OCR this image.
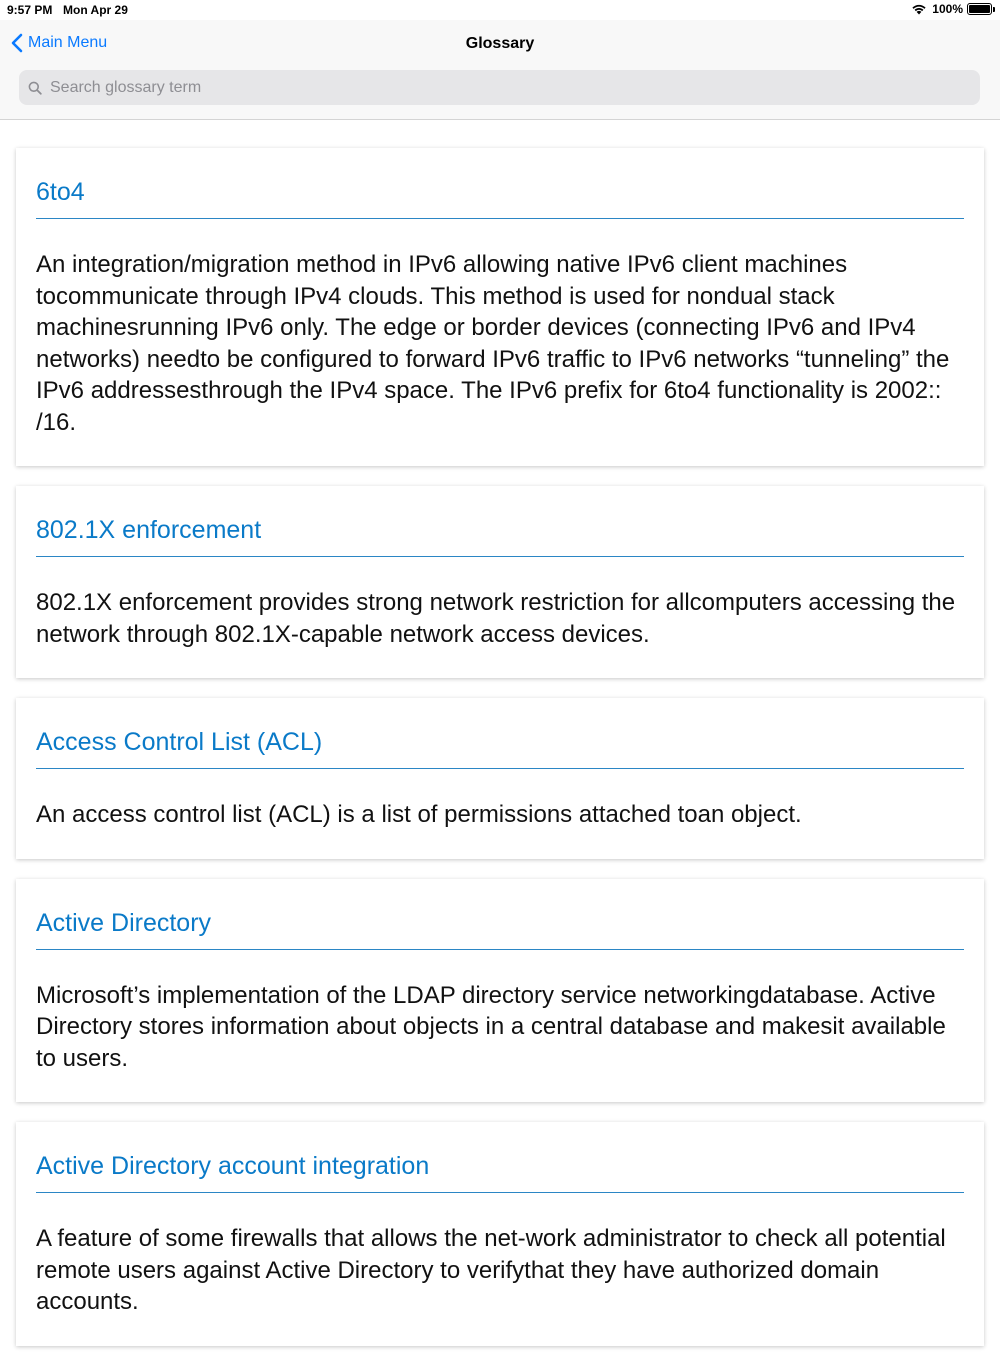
9:57 PM Mon Apr 29	100%
Main Menu	Glossary
Search glossary term
6to4
An integration/migration method in IPv6 allowing native IPv6 client machines tocommunicate through IPv4 clouds. This method is used for nondual stack machinesrunning IPv6 only. The edge or border devices (connecting IPv6 and IPv4 networks) needto be configured to forward IPv6 traffic to IPv6 networks “tunneling” the IPv6 addressesthrough the IPv4 space. The IPv6 prefix for 6to4 functionality is 2002:: /16.
802.1X enforcement
802.1X enforcement provides strong network restriction for allcomputers accessing the network through 802.1X-capable network access devices.
Access Control List (ACL)
An access control list (ACL) is a list of permissions attached toan object.
Active Directory
Microsoft’s implementation of the LDAP directory service networkingdatabase. Active Directory stores information about objects in a central database and makesit available to users.
Active Directory account integration
A feature of some firewalls that allows the net-work administrator to check all potential remote users against Active Directory to verifythat they have authorized domain accounts.
